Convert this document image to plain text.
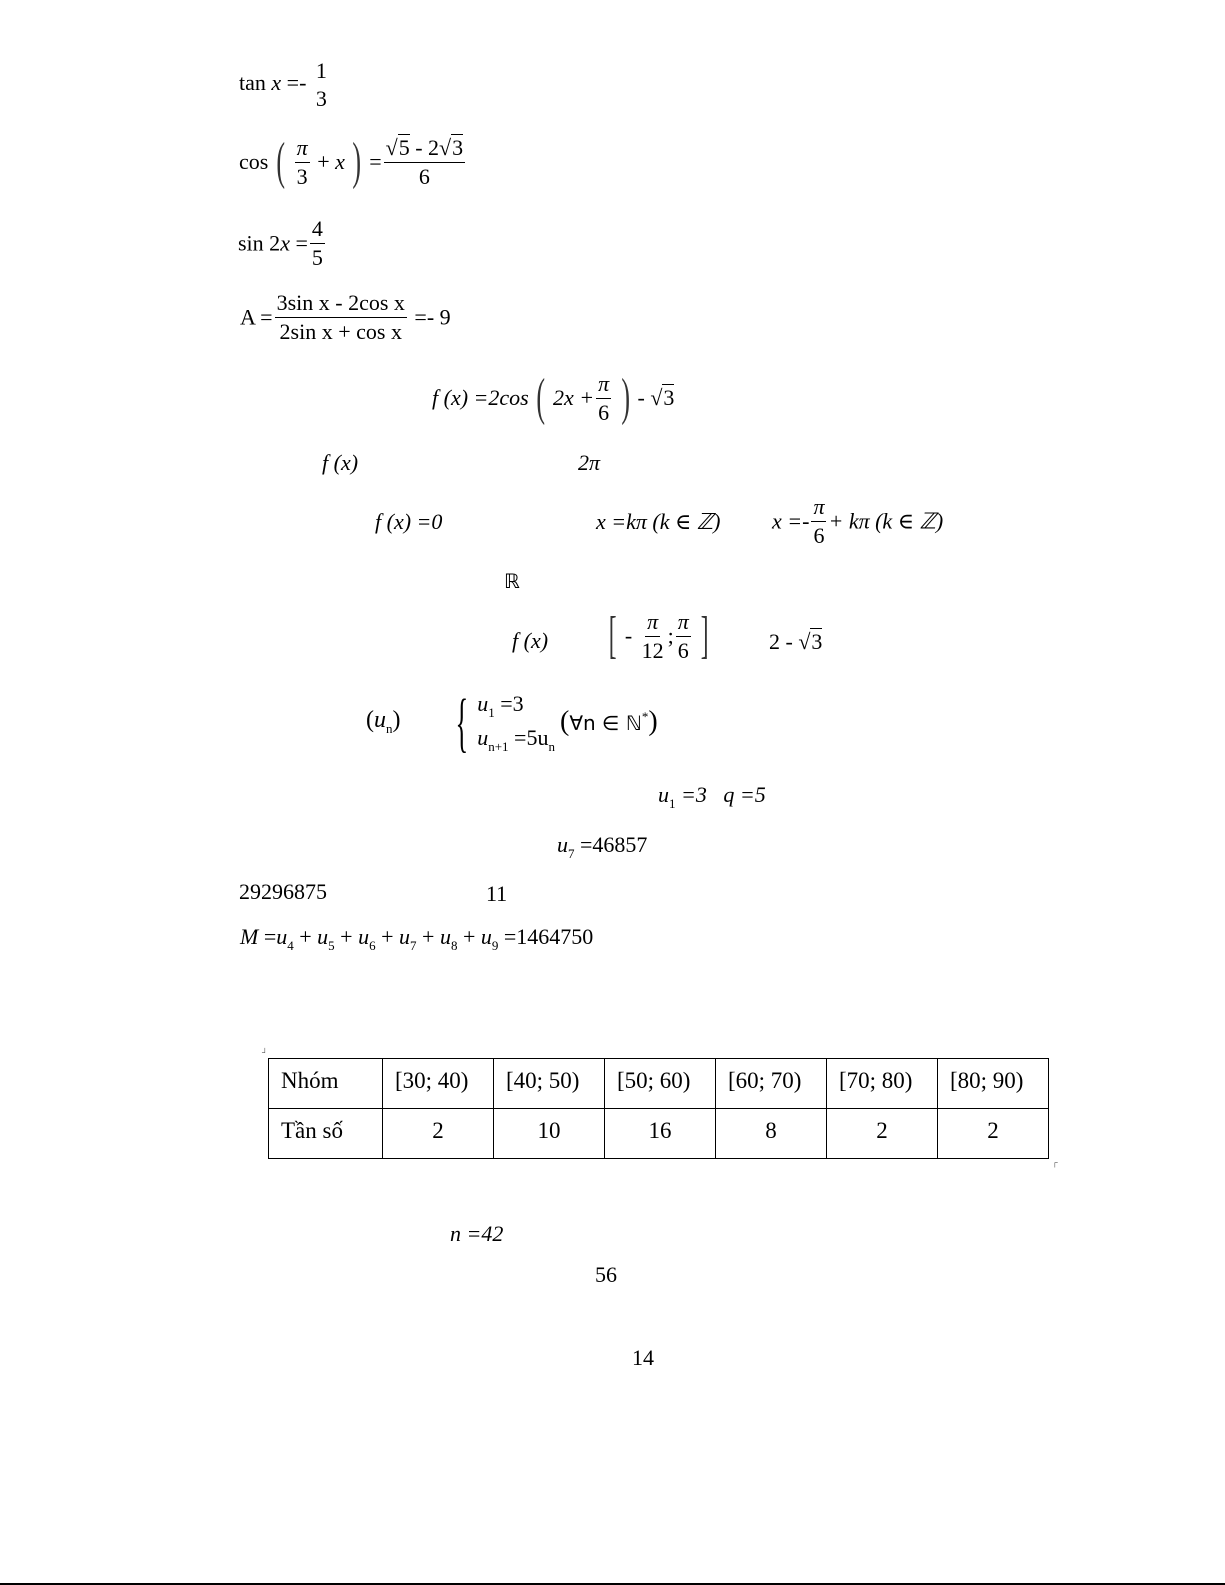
tan x =- 1
3
cos ( $\frac{\pi}{3} + x$ ) = $\frac{√5 - 2√3}{6}$
$\sin 2x = \frac{4}{5}$
$A = \frac{\text{3sin x - 2cos x}}{\text{2sin x + cos x}} =- 9$
f (x) =2cos ( $2x + \frac{\pi}{6}$ ) - √3
f (x)	2π
f (x) =0	x =kπ (k ∈ ℤ) $x =- \frac{\pi}{6} + k\pi$ (k ∈ ℤ)
ℝ
f (x) [ - $\frac{\pi}{12}$ ; $\frac{\pi}{6}$ ]	2 - √3
$(u_n)$ { $u_1 =3$
$u_{n+1} =5u_n$
(∀n ∈ ℕ*)
$u_1 =3$   q =5
$u_7 =46857$
29296875	11
$M =u_4 + u_5 + u_6 + u_7 + u_8 + u_9 =1464750$
┘
Nhóm	[30; 40)	[40; 50)	[50; 60)	[60; 70)	[70; 80)	[80; 90)
Tần số	2	10	16	8	2	2
┌
n =42
56
14
